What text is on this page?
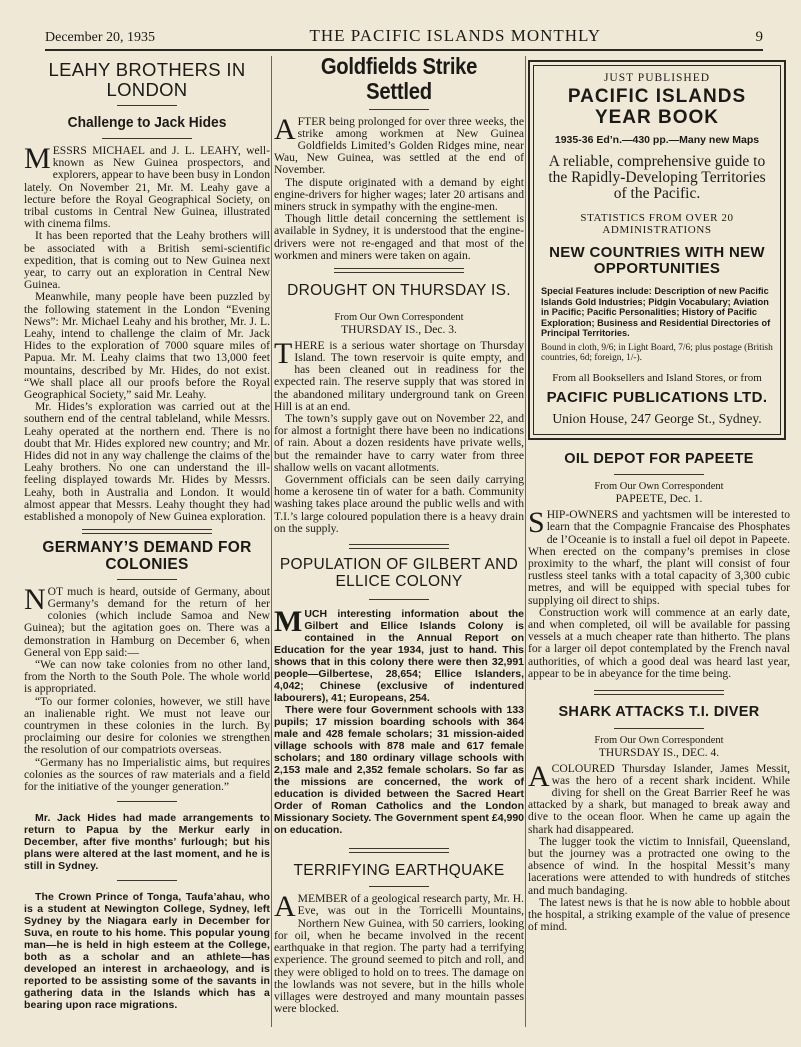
December 20, 1935	THE PACIFIC ISLANDS MONTHLY	9
LEAHY BROTHERS IN LONDON
Challenge to Jack Hides

MESSRS MICHAEL and J. L. LEAHY, well-known as New Guinea prospectors, and explorers, appear to have been busy in London lately. On November 21, Mr. M. Leahy gave a lecture before the Royal Geographical Society, on tribal customs in Central New Guinea, illustrated with cinema films.

It has been reported that the Leahy brothers will be associated with a British semi-scientific expedition, that is coming out to New Guinea next year, to carry out an exploration in Central New Guinea.

Meanwhile, many people have been puzzled by the following statement in the London “Evening News”: Mr. Michael Leahy and his brother, Mr. J. L. Leahy, intend to challenge the claim of Mr. Jack Hides to the exploration of 7000 square miles of Papua. Mr. M. Leahy claims that two 13,000 feet mountains, described by Mr. Hides, do not exist. “We shall place all our proofs before the Royal Geographical Society,” said Mr. Leahy.

Mr. Hides’s exploration was carried out at the southern end of the central tableland, while Messrs. Leahy operated at the northern end. There is no doubt that Mr. Hides explored new country; and Mr. Hides did not in any way challenge the claims of the Leahy brothers. No one can understand the ill-feeling displayed towards Mr. Hides by Messrs. Leahy, both in Australia and London. It would almost appear that Messrs. Leahy thought they had established a monopoly of New Guinea exploration.

GERMANY’S DEMAND FOR COLONIES

NOT much is heard, outside of Germany, about Germany’s demand for the return of her colonies (which include Samoa and New Guinea); but the agitation goes on. There was a demonstration in Hamburg on December 6, when General von Epp said:—

“We can now take colonies from no other land, from the North to the South Pole. The whole world is appropriated.

“To our former colonies, however, we still have an inalienable right. We must not leave our countrymen in these colonies in the lurch. By proclaiming our desire for colonies we strengthen the resolution of our compatriots overseas.

“Germany has no Imperialistic aims, but requires colonies as the sources of raw materials and a field for the initiative of the younger generation.”

Mr. Jack Hides had made arrangements to return to Papua by the Merkur early in December, after five months’ furlough; but his plans were altered at the last moment, and he is still in Sydney.

The Crown Prince of Tonga, Taufa’ahau, who is a student at Newington College, Sydney, left Sydney by the Niagara early in December for Suva, en route to his home. This popular young man—he is held in high esteem at the College, both as a scholar and an athlete—has developed an interest in archaeology, and is reported to be assisting some of the savants in gathering data in the Islands which has a bearing upon race migrations.

Goldfields Strike Settled

AFTER being prolonged for over three weeks, the strike among workmen at New Guinea Goldfields Limited’s Golden Ridges mine, near Wau, New Guinea, was settled at the end of November.

The dispute originated with a demand by eight engine-drivers for higher wages; later 20 artisans and miners struck in sympathy with the engine-men.

Though little detail concerning the settlement is available in Sydney, it is understood that the engine-drivers were not re-engaged and that most of the workmen and miners were taken on again.

DROUGHT ON THURSDAY IS.
From Our Own Correspondent
THURSDAY IS., Dec. 3.

THERE is a serious water shortage on Thursday Island. The town reservoir is quite empty, and has been cleaned out in readiness for the expected rain. The reserve supply that was stored in the abandoned military underground tank on Green Hill is at an end.

The town’s supply gave out on November 22, and for almost a fortnight there have been no indications of rain. About a dozen residents have private wells, but the remainder have to carry water from three shallow wells on vacant allotments.

Government officials can be seen daily carrying home a kerosene tin of water for a bath. Community washing takes place around the public wells and with T.I.’s large coloured population there is a heavy drain on the supply.

POPULATION OF GILBERT AND ELLICE COLONY

MUCH interesting information about the Gilbert and Ellice Islands Colony is contained in the Annual Report on Education for the year 1934, just to hand. This shows that in this colony there were then 32,991 people—Gilbertese, 28,654; Ellice Islanders, 4,042; Chinese (exclusive of indentured labourers), 41; Europeans, 254.

There were four Government schools with 133 pupils; 17 mission boarding schools with 364 male and 428 female scholars; 31 mission-aided village schools with 878 male and 617 female scholars; and 180 ordinary village schools with 2,153 male and 2,352 female scholars. So far as the missions are concerned, the work of education is divided between the Sacred Heart Order of Roman Catholics and the London Missionary Society. The Government spent £4,990 on education.

TERRIFYING EARTHQUAKE

AMEMBER of a geological research party, Mr. H. Eve, was out in the Torricelli Mountains, Northern New Guinea, with 50 carriers, looking for oil, when he became involved in the recent earthquake in that region. The party had a terrifying experience. The ground seemed to pitch and roll, and they were obliged to hold on to trees. The damage on the lowlands was not severe, but in the hills whole villages were destroyed and many mountain passes were blocked.

JUST PUBLISHED
PACIFIC ISLANDS
YEAR BOOK
1935-36 Ed’n.—430 pp.—Many new Maps
A reliable, comprehensive guide to the Rapidly-Developing Territories of the Pacific.
STATISTICS FROM OVER 20 ADMINISTRATIONS
NEW COUNTRIES WITH NEW OPPORTUNITIES
Special Features include: Description of new Pacific Islands Gold Industries; Pidgin Vocabulary; Aviation in Pacific; Pacific Personalities; History of Pacific Exploration; Business and Residential Directories of Principal Territories.
Bound in cloth, 9/6; in Light Board, 7/6; plus postage (British countries, 6d; foreign, 1/-).
From all Booksellers and Island Stores, or from
PACIFIC PUBLICATIONS LTD.
Union House, 247 George St., Sydney.
OIL DEPOT FOR PAPEETE
From Our Own Correspondent
PAPEETE, Dec. 1.

SHIP-OWNERS and yachtsmen will be interested to learn that the Compagnie Francaise des Phosphates de l’Oceanie is to install a fuel oil depot in Papeete. When erected on the company’s premises in close proximity to the wharf, the plant will consist of four rustless steel tanks with a total capacity of 3,300 cubic metres, and will be equipped with special tubes for supplying oil direct to ships.

Construction work will commence at an early date, and when completed, oil will be available for passing vessels at a much cheaper rate than hitherto. The plans for a larger oil depot contemplated by the French naval authorities, of which a good deal was heard last year, appear to be in abeyance for the time being.

SHARK ATTACKS T.I. DIVER
From Our Own Correspondent
THURSDAY IS., DEC. 4.

ACOLOURED Thursday Islander, James Messit, was the hero of a recent shark incident. While diving for shell on the Great Barrier Reef he was attacked by a shark, but managed to break away and dive to the ocean floor. When he came up again the shark had disappeared.

The lugger took the victim to Innisfail, Queensland, but the journey was a protracted one owing to the absence of wind. In the hospital Messit’s many lacerations were attended to with hundreds of stitches and much bandaging.

The latest news is that he is now able to hobble about the hospital, a striking example of the value of presence of mind.
